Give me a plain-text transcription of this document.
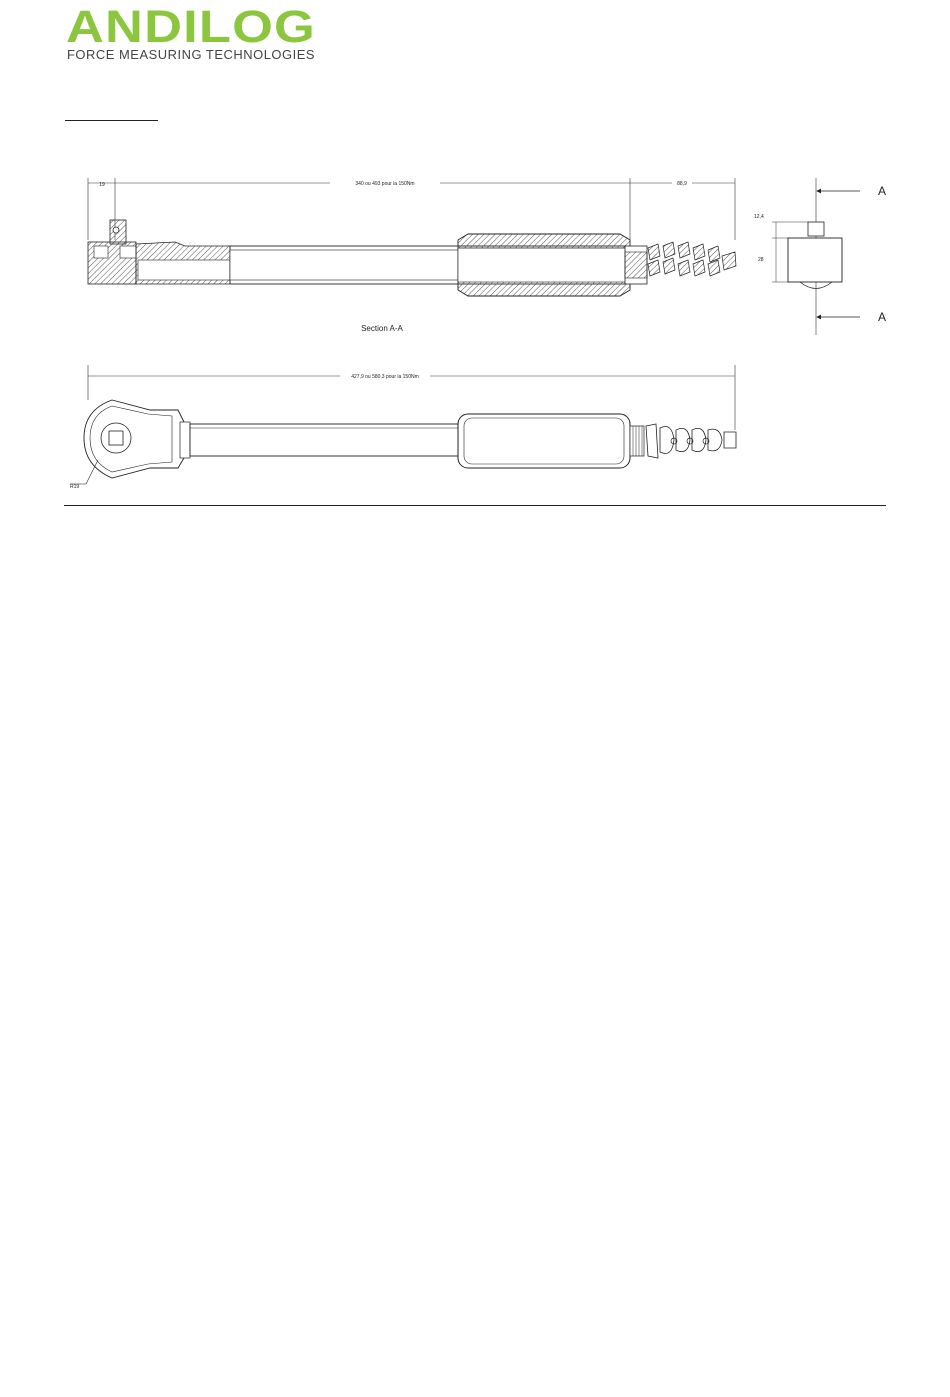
ANDILOG
FORCE MEASURING TECHNOLOGIES
19	340 ou 493 pour la 150Nm	88,9	A
A
12,4
28
Section A-A
427,9 ou 580,3 pour la 150Nm
R19
